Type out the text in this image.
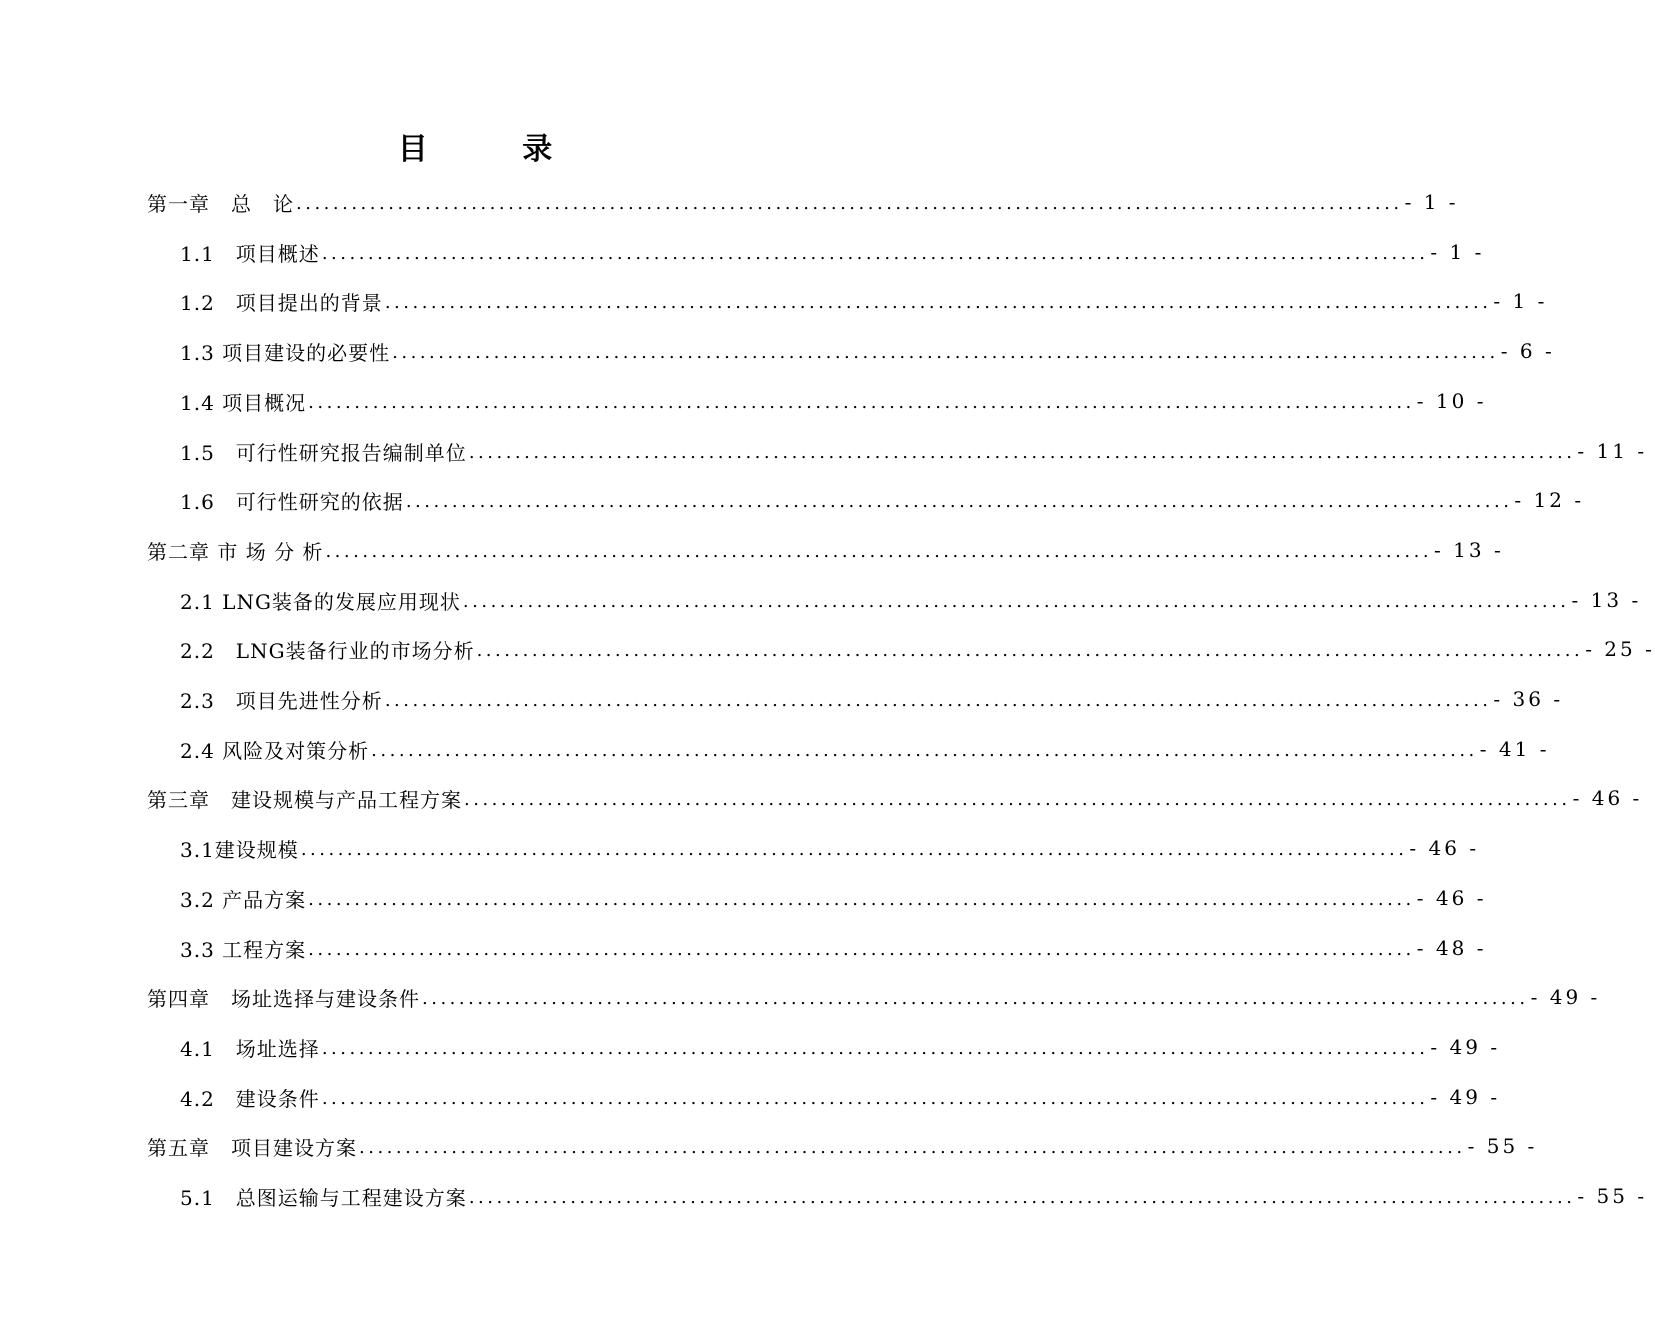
目 录
第一章　总　论 ........................................................................................................................ - 1 -
1.1　项目概述 ........................................................................................................................ - 1 -
1.2　项目提出的背景 ........................................................................................................................ - 1 -
1.3 项目建设的必要性 ........................................................................................................................ - 6 -
1.4 项目概况 ........................................................................................................................ - 10 -
1.5　可行性研究报告编制单位 ........................................................................................................................ - 11 -
1.6　可行性研究的依据 ........................................................................................................................ - 12 -
第二章 市 场 分 析 ........................................................................................................................ - 13 -
2.1 LNG装备的发展应用现状 ........................................................................................................................ - 13 -
2.2　LNG装备行业的市场分析 ........................................................................................................................ - 25 -
2.3　项目先进性分析 ........................................................................................................................ - 36 -
2.4 风险及对策分析 ........................................................................................................................ - 41 -
第三章　建设规模与产品工程方案 ........................................................................................................................ - 46 -
3.1建设规模 ........................................................................................................................ - 46 -
3.2 产品方案 ........................................................................................................................ - 46 -
3.3 工程方案 ........................................................................................................................ - 48 -
第四章　场址选择与建设条件 ........................................................................................................................ - 49 -
4.1　场址选择 ........................................................................................................................ - 49 -
4.2　建设条件 ........................................................................................................................ - 49 -
第五章　项目建设方案 ........................................................................................................................ - 55 -
5.1　总图运输与工程建设方案 ........................................................................................................................ - 55 -
